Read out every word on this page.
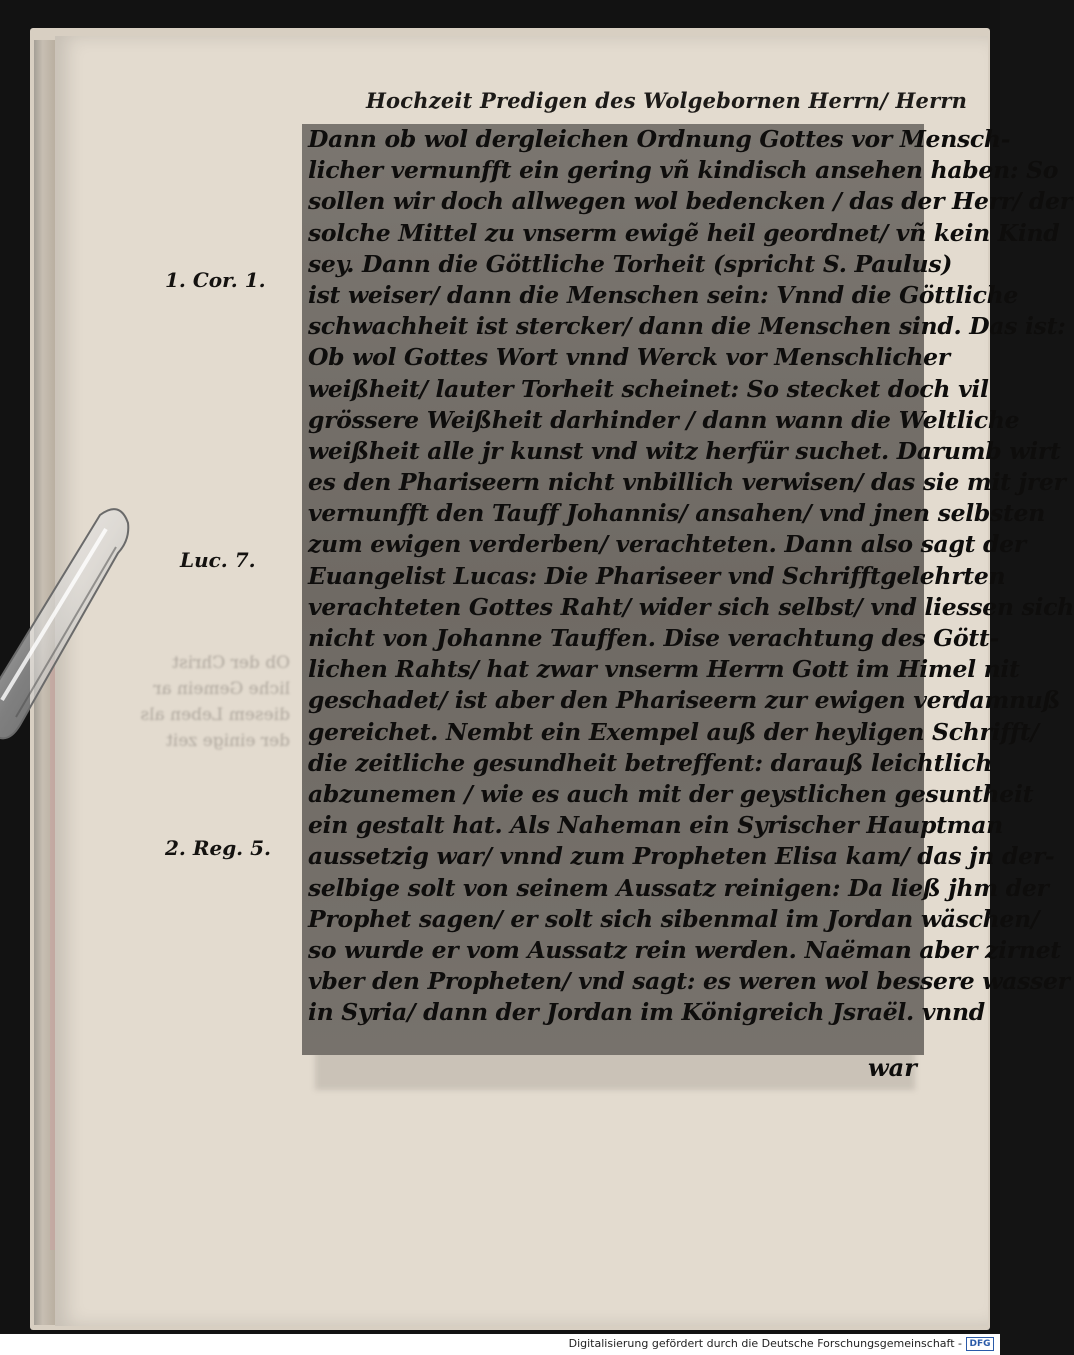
Ob der Christ
liche Gemein ar
diesem Leben als
der einige zeit
Hochzeit Predigen des Wolgebornen Herrn/ Herrn
1. Cor. 1.
Luc. 7.
2. Reg. 5.
Dann ob wol dergleichen Ordnung Gottes vor Mensch-
licher vernunfft ein gering vñ kindisch ansehen haben: So
sollen wir doch allwegen wol bedencken / das der Herr/ der
solche Mittel zu vnserm ewigẽ heil geordnet/ vñ kein Kind
sey. Dann die Göttliche Torheit (spricht S. Paulus)
ist weiser/ dann die Menschen sein: Vnnd die Göttliche
schwachheit ist stercker/ dann die Menschen sind. Das ist:
Ob wol Gottes Wort vnnd Werck vor Menschlicher
weißheit/ lauter Torheit scheinet: So stecket doch vil
grössere Weißheit darhinder / dann wann die Weltliche
weißheit alle jr kunst vnd witz herfür suchet. Darumb wirt
es den Phariseern nicht vnbillich verwisen/ das sie mit jrer
vernunfft den Tauff Johannis/ ansahen/ vnd jnen selbsten
zum ewigen verderben/ verachteten. Dann also sagt der
Euangelist Lucas: Die Phariseer vnd Schrifftgelehrten
verachteten Gottes Raht/ wider sich selbst/ vnd liessen sich
nicht von Johanne Tauffen. Dise verachtung des Gött-
lichen Rahts/ hat zwar vnserm Herrn Gott im Himel nit
geschadet/ ist aber den Phariseern zur ewigen verdamnuß
gereichet. Nembt ein Exempel auß der heyligen Schrifft/
die zeitliche gesundheit betreffent: darauß leichtlich
abzunemen / wie es auch mit der geystlichen gesuntheit
ein gestalt hat. Als Naheman ein Syrischer Hauptman
aussetzig war/ vnnd zum Propheten Elisa kam/ das jn der-
selbige solt von seinem Aussatz reinigen: Da ließ jhm der
Prophet sagen/ er solt sich sibenmal im Jordan wäschen/
so wurde er vom Aussatz rein werden. Naëman aber zirnet
vber den Propheten/ vnd sagt: es weren wol bessere wasser
in Syria/ dann der Jordan im Königreich Jsraël. vnnd
war
Digitalisierung gefördert durch die Deutsche Forschungsgemeinschaft - DFG
